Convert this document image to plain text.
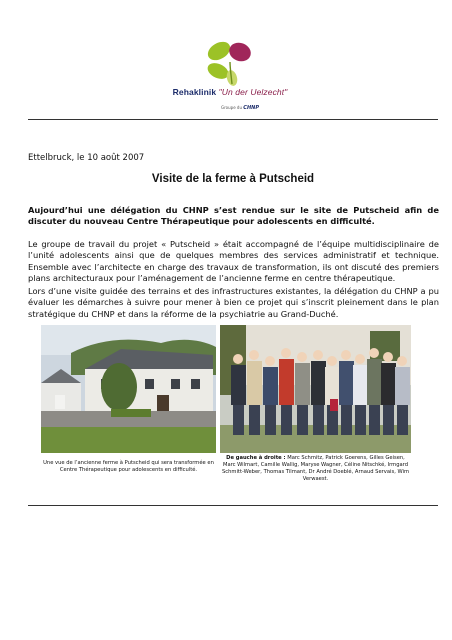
Rehaklinik "Un der Uelzecht"
Groupe du CHNP
Ettelbruck, le 10 août 2007
Visite de la ferme à Putscheid

Aujourd’hui une délégation du CHNP s’est rendue sur le site de Putscheid afin de discuter du nouveau Centre Thérapeutique pour adolescents en difficulté.

Le groupe de travail du projet « Putscheid » était accompagné de l’équipe multidisciplinaire de l’unité adolescents ainsi que de quelques membres des services administratif et technique. Ensemble avec l’architecte en charge des travaux de transformation, ils ont discuté des premiers plans architecturaux pour l’aménagement de l’ancienne ferme en centre thérapeutique.

Lors d’une visite guidée des terrains et des infrastructures existantes, la délégation du CHNP a pu évaluer les démarches à suivre pour mener à bien ce projet qui s’inscrit pleinement dans le plan stratégique du CHNP et dans la réforme de la psychiatrie au Grand-Duché.

Une vue de l’ancienne ferme à Putscheid qui sera transformée en Centre Thérapeutique pour adolescents en difficulté.
De gauche à droite : Marc Schmitz, Patrick Goerens, Gilles Geisen, Marc Wilmart, Camille Wallig, Maryse Wagner, Céline Nitschké, Irmgard Schmitt-Weber, Thomas Tilmant, Dr André Doeblé, Arnaud Servais, Wim Verwaest.
